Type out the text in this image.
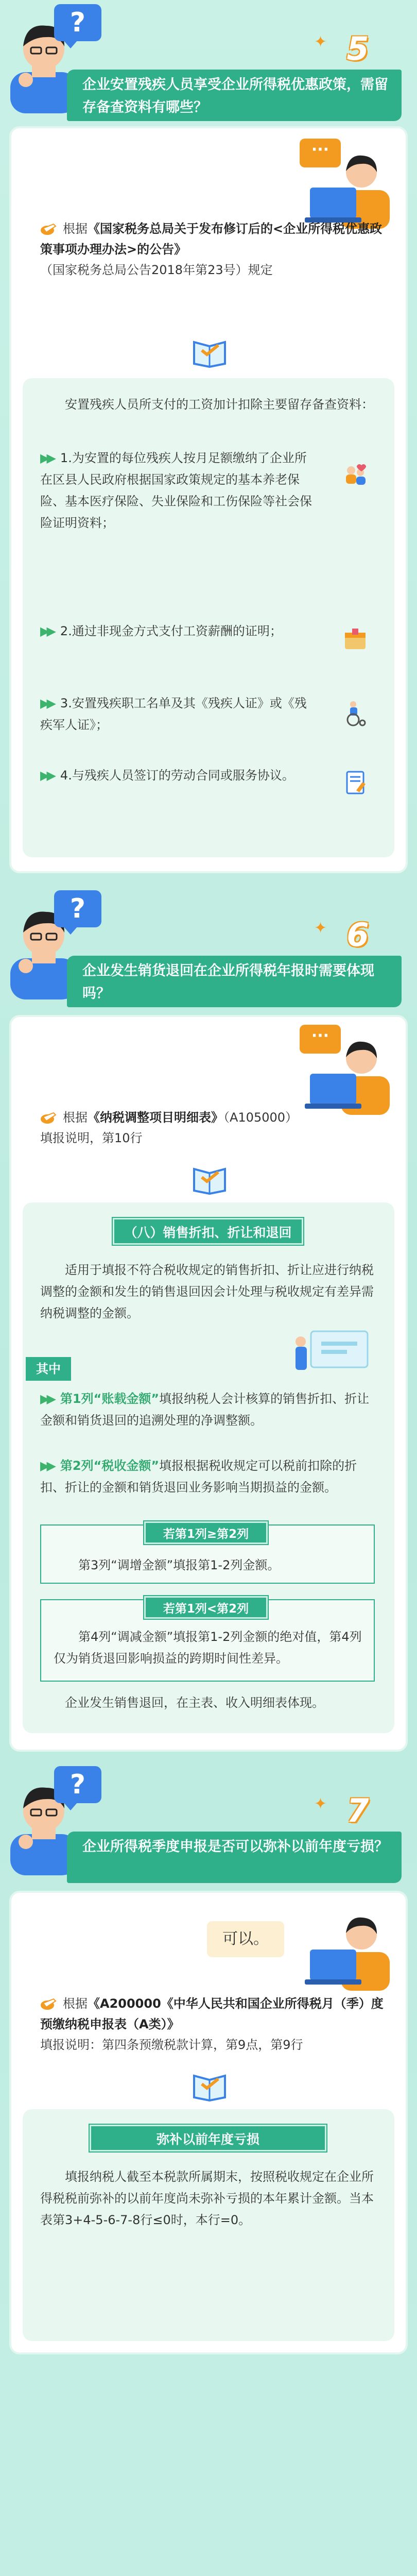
?
✦ 5
企业安置残疾人员享受企业所得税优惠政策，需留存备查资料有哪些？
···
根据《国家税务总局关于发布修订后的<企业所得税优惠政策事项办理办法>的公告》
（国家税务总局公告2018年第23号）规定
安置残疾人员所支付的工资加计扣除主要留存备查资料：
▶▶ 1.为安置的每位残疾人按月足额缴纳了企业所在区县人民政府根据国家政策规定的基本养老保险、基本医疗保险、失业保险和工伤保险等社会保险证明资料；
▶▶ 2.通过非现金方式支付工资薪酬的证明；
▶▶ 3.安置残疾职工名单及其《残疾人证》或《残疾军人证》；
▶▶ 4.与残疾人员签订的劳动合同或服务协议。
?
✦ 6
企业发生销货退回在企业所得税年报时需要体现吗？
···
根据《纳税调整项目明细表》（A105000）
填报说明，第10行
（八）销售折扣、折让和退回
适用于填报不符合税收规定的销售折扣、折让应进行纳税调整的金额和发生的销售退回因会计处理与税收规定有差异需纳税调整的金额。
其中
▶▶ 第1列“账载金额”填报纳税人会计核算的销售折扣、折让金额和销货退回的追溯处理的净调整额。
▶▶ 第2列“税收金额”填报根据税收规定可以税前扣除的折扣、折让的金额和销货退回业务影响当期损益的金额。
若第1列≥第2列
第3列“调增金额”填报第1-2列金额。
若第1列<第2列
第4列“调减金额”填报第1-2列金额的绝对值，第4列仅为销货退回影响损益的跨期时间性差异。
企业发生销售退回，在主表、收入明细表体现。
?
✦ 7
企业所得税季度申报是否可以弥补以前年度亏损？
可以。
根据《A200000《中华人民共和国企业所得税月（季）度预缴纳税申报表（A类）》
填报说明：第四条预缴税款计算，第9点，第9行
弥补以前年度亏损
填报纳税人截至本税款所属期末，按照税收规定在企业所得税税前弥补的以前年度尚未弥补亏损的本年累计金额。当本表第3+4-5-6-7-8行≤0时，本行=0。
